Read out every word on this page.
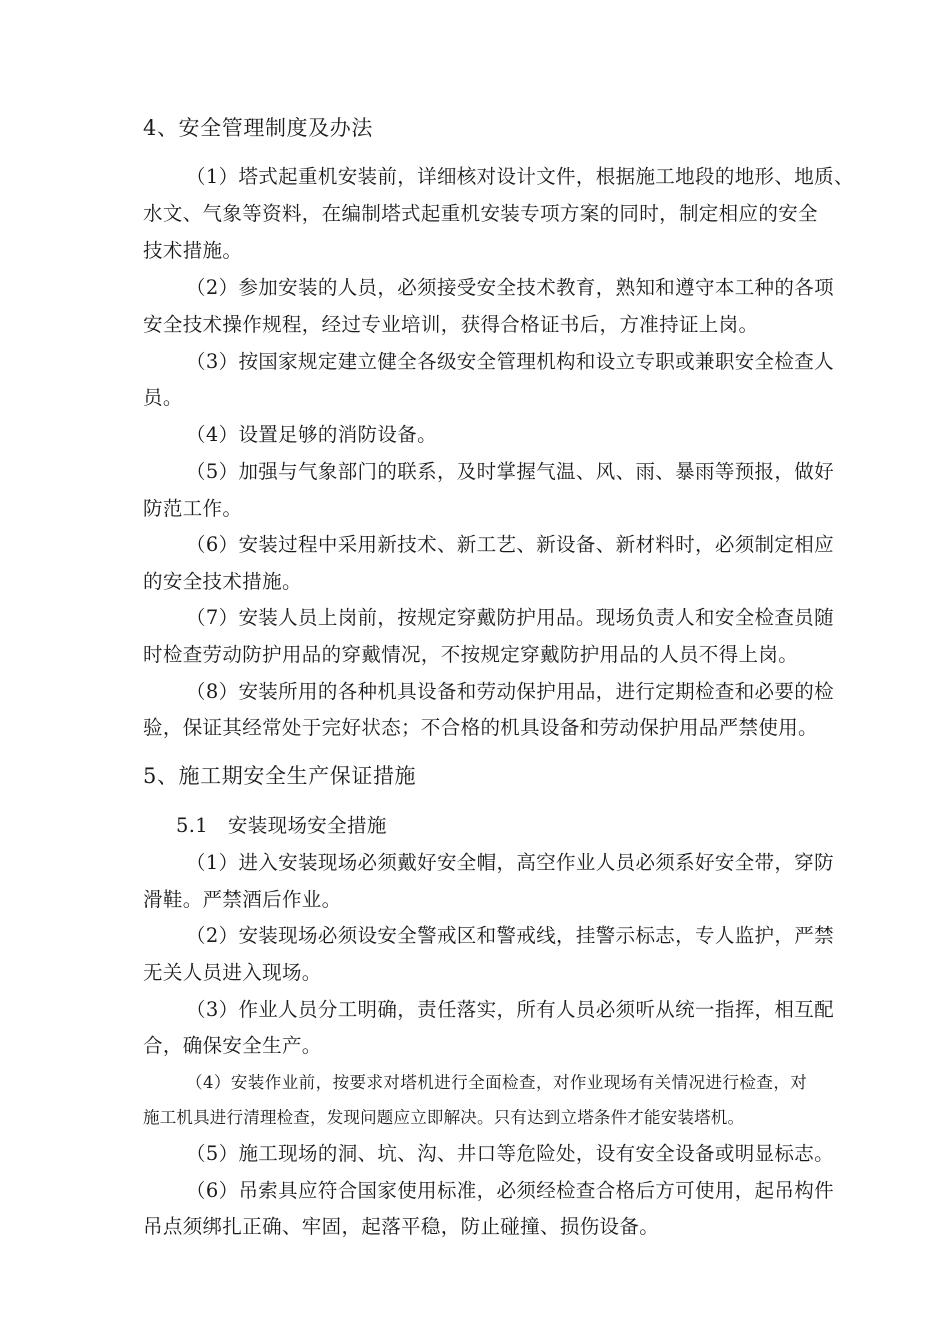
4、安全管理制度及办法
（1）塔式起重机安装前，详细核对设计文件，根据施工地段的地形、地质、
水文、气象等资料，在编制塔式起重机安装专项方案的同时，制定相应的安全
技术措施。
（2）参加安装的人员，必须接受安全技术教育，熟知和遵守本工种的各项
安全技术操作规程，经过专业培训，获得合格证书后，方准持证上岗。
（3）按国家规定建立健全各级安全管理机构和设立专职或兼职安全检查人
员。
（4）设置足够的消防设备。
（5）加强与气象部门的联系，及时掌握气温、风、雨、暴雨等预报，做好
防范工作。
（6）安装过程中采用新技术、新工艺、新设备、新材料时，必须制定相应
的安全技术措施。
（7）安装人员上岗前，按规定穿戴防护用品。现场负责人和安全检查员随
时检查劳动防护用品的穿戴情况，不按规定穿戴防护用品的人员不得上岗。
（8）安装所用的各种机具设备和劳动保护用品，进行定期检查和必要的检
验，保证其经常处于完好状态；不合格的机具设备和劳动保护用品严禁使用。
5、施工期安全生产保证措施
5.1　安装现场安全措施
（1）进入安装现场必须戴好安全帽，高空作业人员必须系好安全带，穿防
滑鞋。严禁酒后作业。
（2）安装现场必须设安全警戒区和警戒线，挂警示标志，专人监护，严禁
无关人员进入现场。
（3）作业人员分工明确，责任落实，所有人员必须听从统一指挥，相互配
合，确保安全生产。
（4）安装作业前，按要求对塔机进行全面检查，对作业现场有关情况进行检查，对
施工机具进行清理检查，发现问题应立即解决。只有达到立塔条件才能安装塔机。
（5）施工现场的洞、坑、沟、井口等危险处，设有安全设备或明显标志。
（6）吊索具应符合国家使用标准，必须经检查合格后方可使用，起吊构件
吊点须绑扎正确、牢固，起落平稳，防止碰撞、损伤设备。
